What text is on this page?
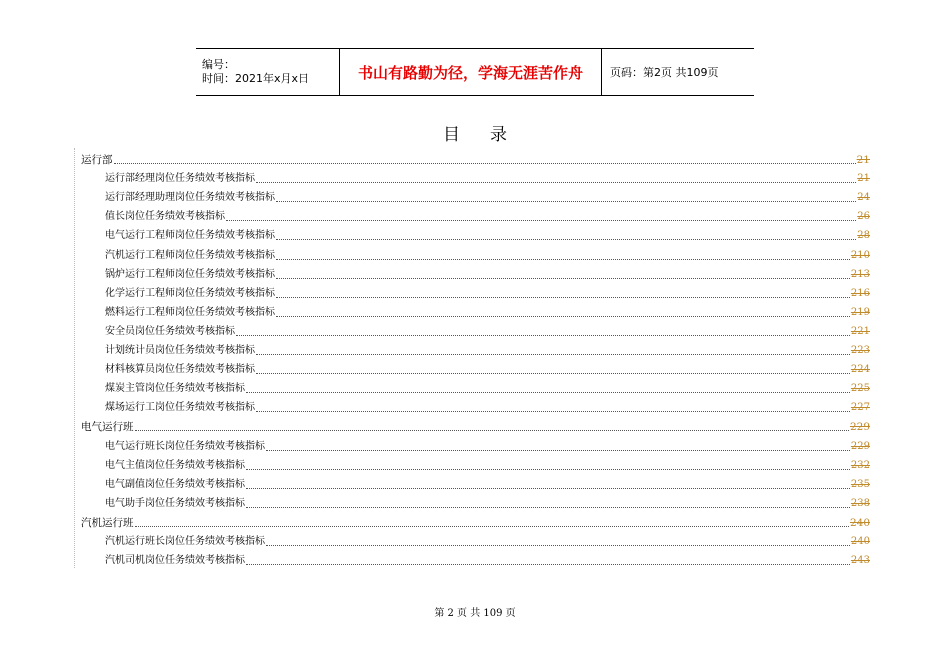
编号：
时间：2021年x月x日	书山有路勤为径，学海无涯苦作舟	页码：第2页 共109页
目录
运行部	21
运行部经理岗位任务绩效考核指标	21
运行部经理助理岗位任务绩效考核指标	24
值长岗位任务绩效考核指标	26
电气运行工程师岗位任务绩效考核指标	28
汽机运行工程师岗位任务绩效考核指标	210
锅炉运行工程师岗位任务绩效考核指标	213
化学运行工程师岗位任务绩效考核指标	216
燃料运行工程师岗位任务绩效考核指标	219
安全员岗位任务绩效考核指标	221
计划统计员岗位任务绩效考核指标	223
材料核算员岗位任务绩效考核指标	224
煤炭主管岗位任务绩效考核指标	225
煤场运行工岗位任务绩效考核指标	227
电气运行班	229
电气运行班长岗位任务绩效考核指标	229
电气主值岗位任务绩效考核指标	232
电气副值岗位任务绩效考核指标	235
电气助手岗位任务绩效考核指标	238
汽机运行班	240
汽机运行班长岗位任务绩效考核指标	240
汽机司机岗位任务绩效考核指标	243
第 2 页 共 109 页
